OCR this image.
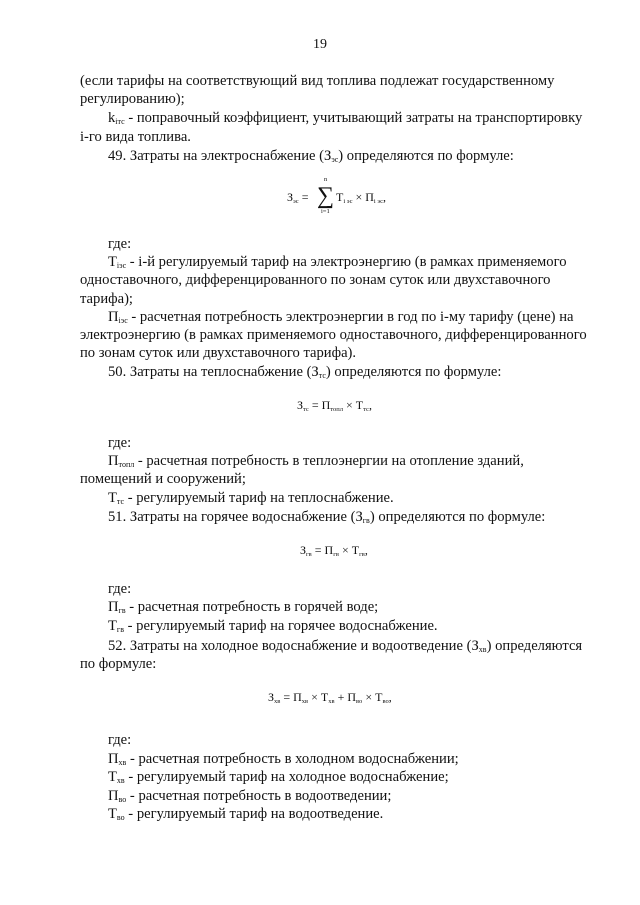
19
(если тарифы на соответствующий вид топлива подлежат государственному
регулированию);
$k_{iтс}$ - поправочный коэффициент, учитывающий затраты на транспортировку
i-го вида топлива.
49. Затраты на электроснабжение $(З_{эс})$ определяются по формуле:
$З_{эс}$ =
n
∑
i=1
$Т_{i эс} \times П_{i эс}$,
где:
$T_{iэс} - i-й$ регулируемый тариф на электроэнергию (в рамках применяемого
одноставочного, дифференцированного по зонам суток или двухставочного
тарифа);
$П_{iэс}$ - расчетная потребность электроэнергии в год по i-му тарифу (цене) на
электроэнергию (в рамках применяемого одноставочного, дифференцированного
по зонам суток или двухставочного тарифа).
50. Затраты на теплоснабжение $(З_{тс})$ определяются по формуле:
$З_{тс} = П_{топл} \times Т_{тс}$,
где:
$П_{топл}$ - расчетная потребность в теплоэнергии на отопление зданий,
помещений и сооружений;
$Т_{тс}$ - регулируемый тариф на теплоснабжение.
51. Затраты на горячее водоснабжение $(З_{гв})$ определяются по формуле:
$З_{гв} = П_{гв} \times Т_{гв}$,
где:
$П_{гв}$ - расчетная потребность в горячей воде;
$Т_{гв}$ - регулируемый тариф на горячее водоснабжение.
52. Затраты на холодное водоснабжение и водоотведение $(З_{хв})$ определяются
по формуле:
$З_{хв} = П_{хв} \times Т_{хв} + П_{во} \times Т_{во}$,
где:
$П_{хв}$ - расчетная потребность в холодном водоснабжении;
$Т_{хв}$ - регулируемый тариф на холодное водоснабжение;
$П_{во}$ - расчетная потребность в водоотведении;
$Т_{во}$ - регулируемый тариф на водоотведение.
